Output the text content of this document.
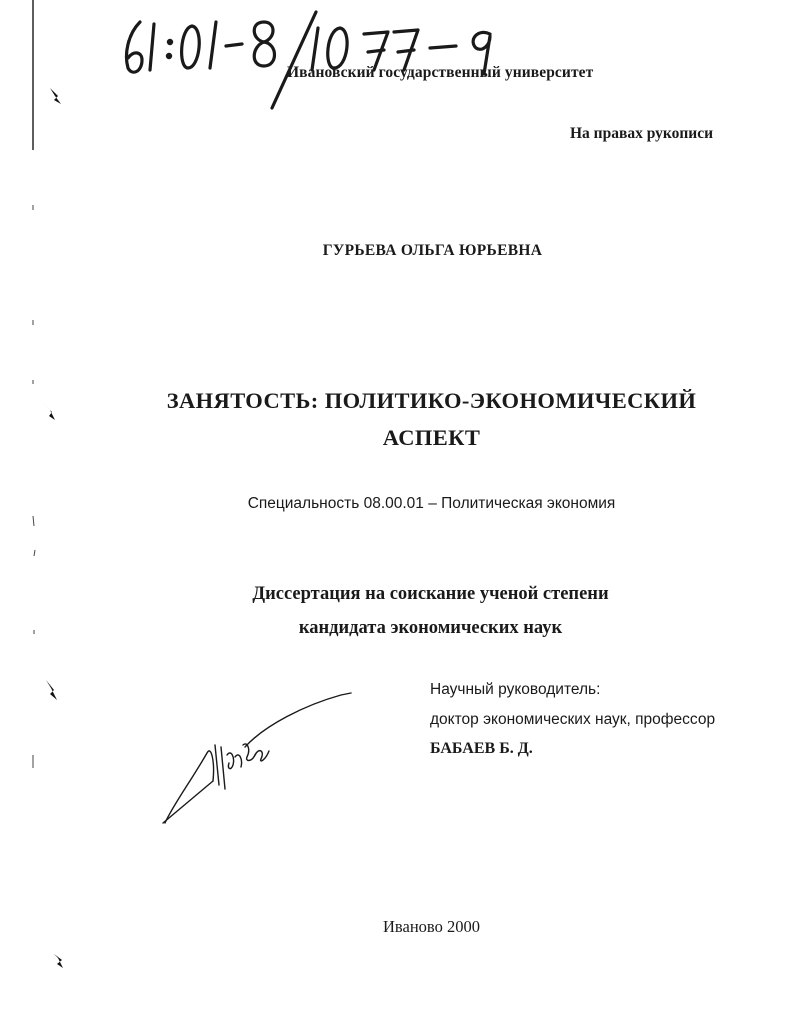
Ивановский государственный университет
На правах рукописи
ГУРЬЕВА ОЛЬГА ЮРЬЕВНА
ЗАНЯТОСТЬ: ПОЛИТИКО-ЭКОНОМИЧЕСКИЙ
АСПЕКТ
Специальность 08.00.01 – Политическая экономия
Диссертация на соискание ученой степени
кандидата экономических наук
Научный руководитель:
доктор экономических наук, профессор
БАБАЕВ Б. Д.
Иваново 2000
